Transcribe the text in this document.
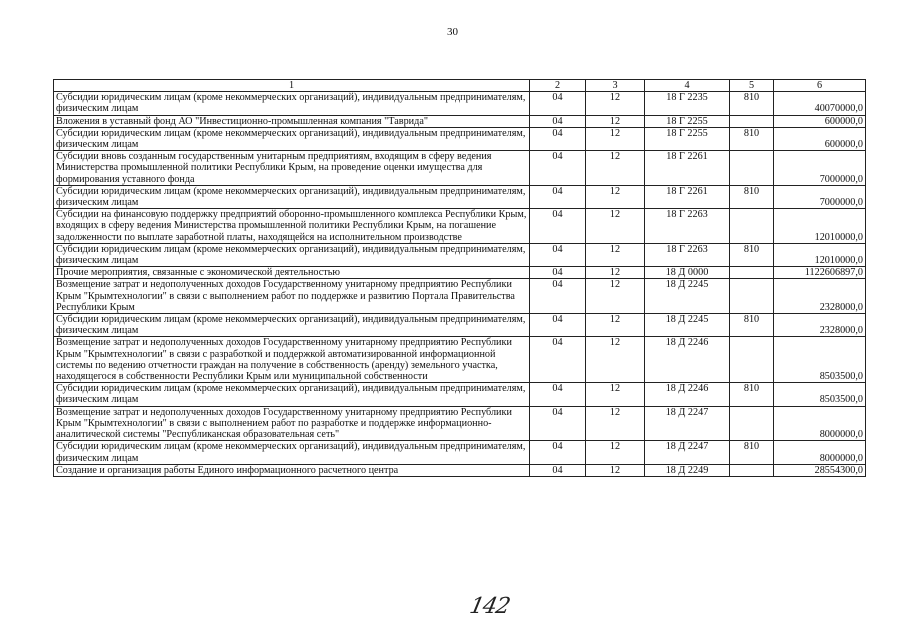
30
1	2	3	4	5	6
Субсидии юридическим лицам (кроме некоммерческих организаций), индивидуальным предпринимателям, физическим лицам	04	12	18 Г 2235	810	40070000,0
Вложения в уставный фонд АО "Инвестиционно-промышленная компания "Таврида"	04	12	18 Г 2255		600000,0
Субсидии юридическим лицам (кроме некоммерческих организаций), индивидуальным предпринимателям, физическим лицам	04	12	18 Г 2255	810	600000,0
Субсидии вновь созданным государственным унитарным предприятиям, входящим в сферу ведения Министерства промышленной политики Республики Крым, на проведение оценки имущества для формирования уставного фонда	04	12	18 Г 2261		7000000,0
Субсидии юридическим лицам (кроме некоммерческих организаций), индивидуальным предпринимателям, физическим лицам	04	12	18 Г 2261	810	7000000,0
Субсидии на финансовую поддержку предприятий оборонно-промышленного комплекса Республики Крым, входящих в сферу ведения Министерства промышленной политики Республики Крым, на погашение задолженности по выплате заработной платы, находящейся на исполнительном производстве	04	12	18 Г 2263		12010000,0
Субсидии юридическим лицам (кроме некоммерческих организаций), индивидуальным предпринимателям, физическим лицам	04	12	18 Г 2263	810	12010000,0
Прочие мероприятия, связанные с экономической деятельностью	04	12	18 Д 0000		1122606897,0
Возмещение затрат и недополученных доходов Государственному унитарному предприятию Республики Крым "Крымтехнологии" в связи с выполнением работ по поддержке и развитию Портала Правительства Республики Крым	04	12	18 Д 2245		2328000,0
Субсидии юридическим лицам (кроме некоммерческих организаций), индивидуальным предпринимателям, физическим лицам	04	12	18 Д 2245	810	2328000,0
Возмещение затрат и недополученных доходов Государственному унитарному предприятию Республики Крым "Крымтехнологии" в связи с разработкой и поддержкой автоматизированной информационной системы по ведению отчетности граждан на получение в собственность (аренду) земельного участка, находящегося в собственности Республики Крым или муниципальной собственности	04	12	18 Д 2246		8503500,0
Субсидии юридическим лицам (кроме некоммерческих организаций), индивидуальным предпринимателям, физическим лицам	04	12	18 Д 2246	810	8503500,0
Возмещение затрат и недополученных доходов Государственному унитарному предприятию Республики Крым "Крымтехнологии" в связи с выполнением работ по разработке и поддержке информационно-аналитической системы "Республиканская образовательная сеть"	04	12	18 Д 2247		8000000,0
Субсидии юридическим лицам (кроме некоммерческих организаций), индивидуальным предпринимателям, физическим лицам	04	12	18 Д 2247	810	8000000,0
Создание и организация работы Единого информационного расчетного центра	04	12	18 Д 2249		28554300,0
142
